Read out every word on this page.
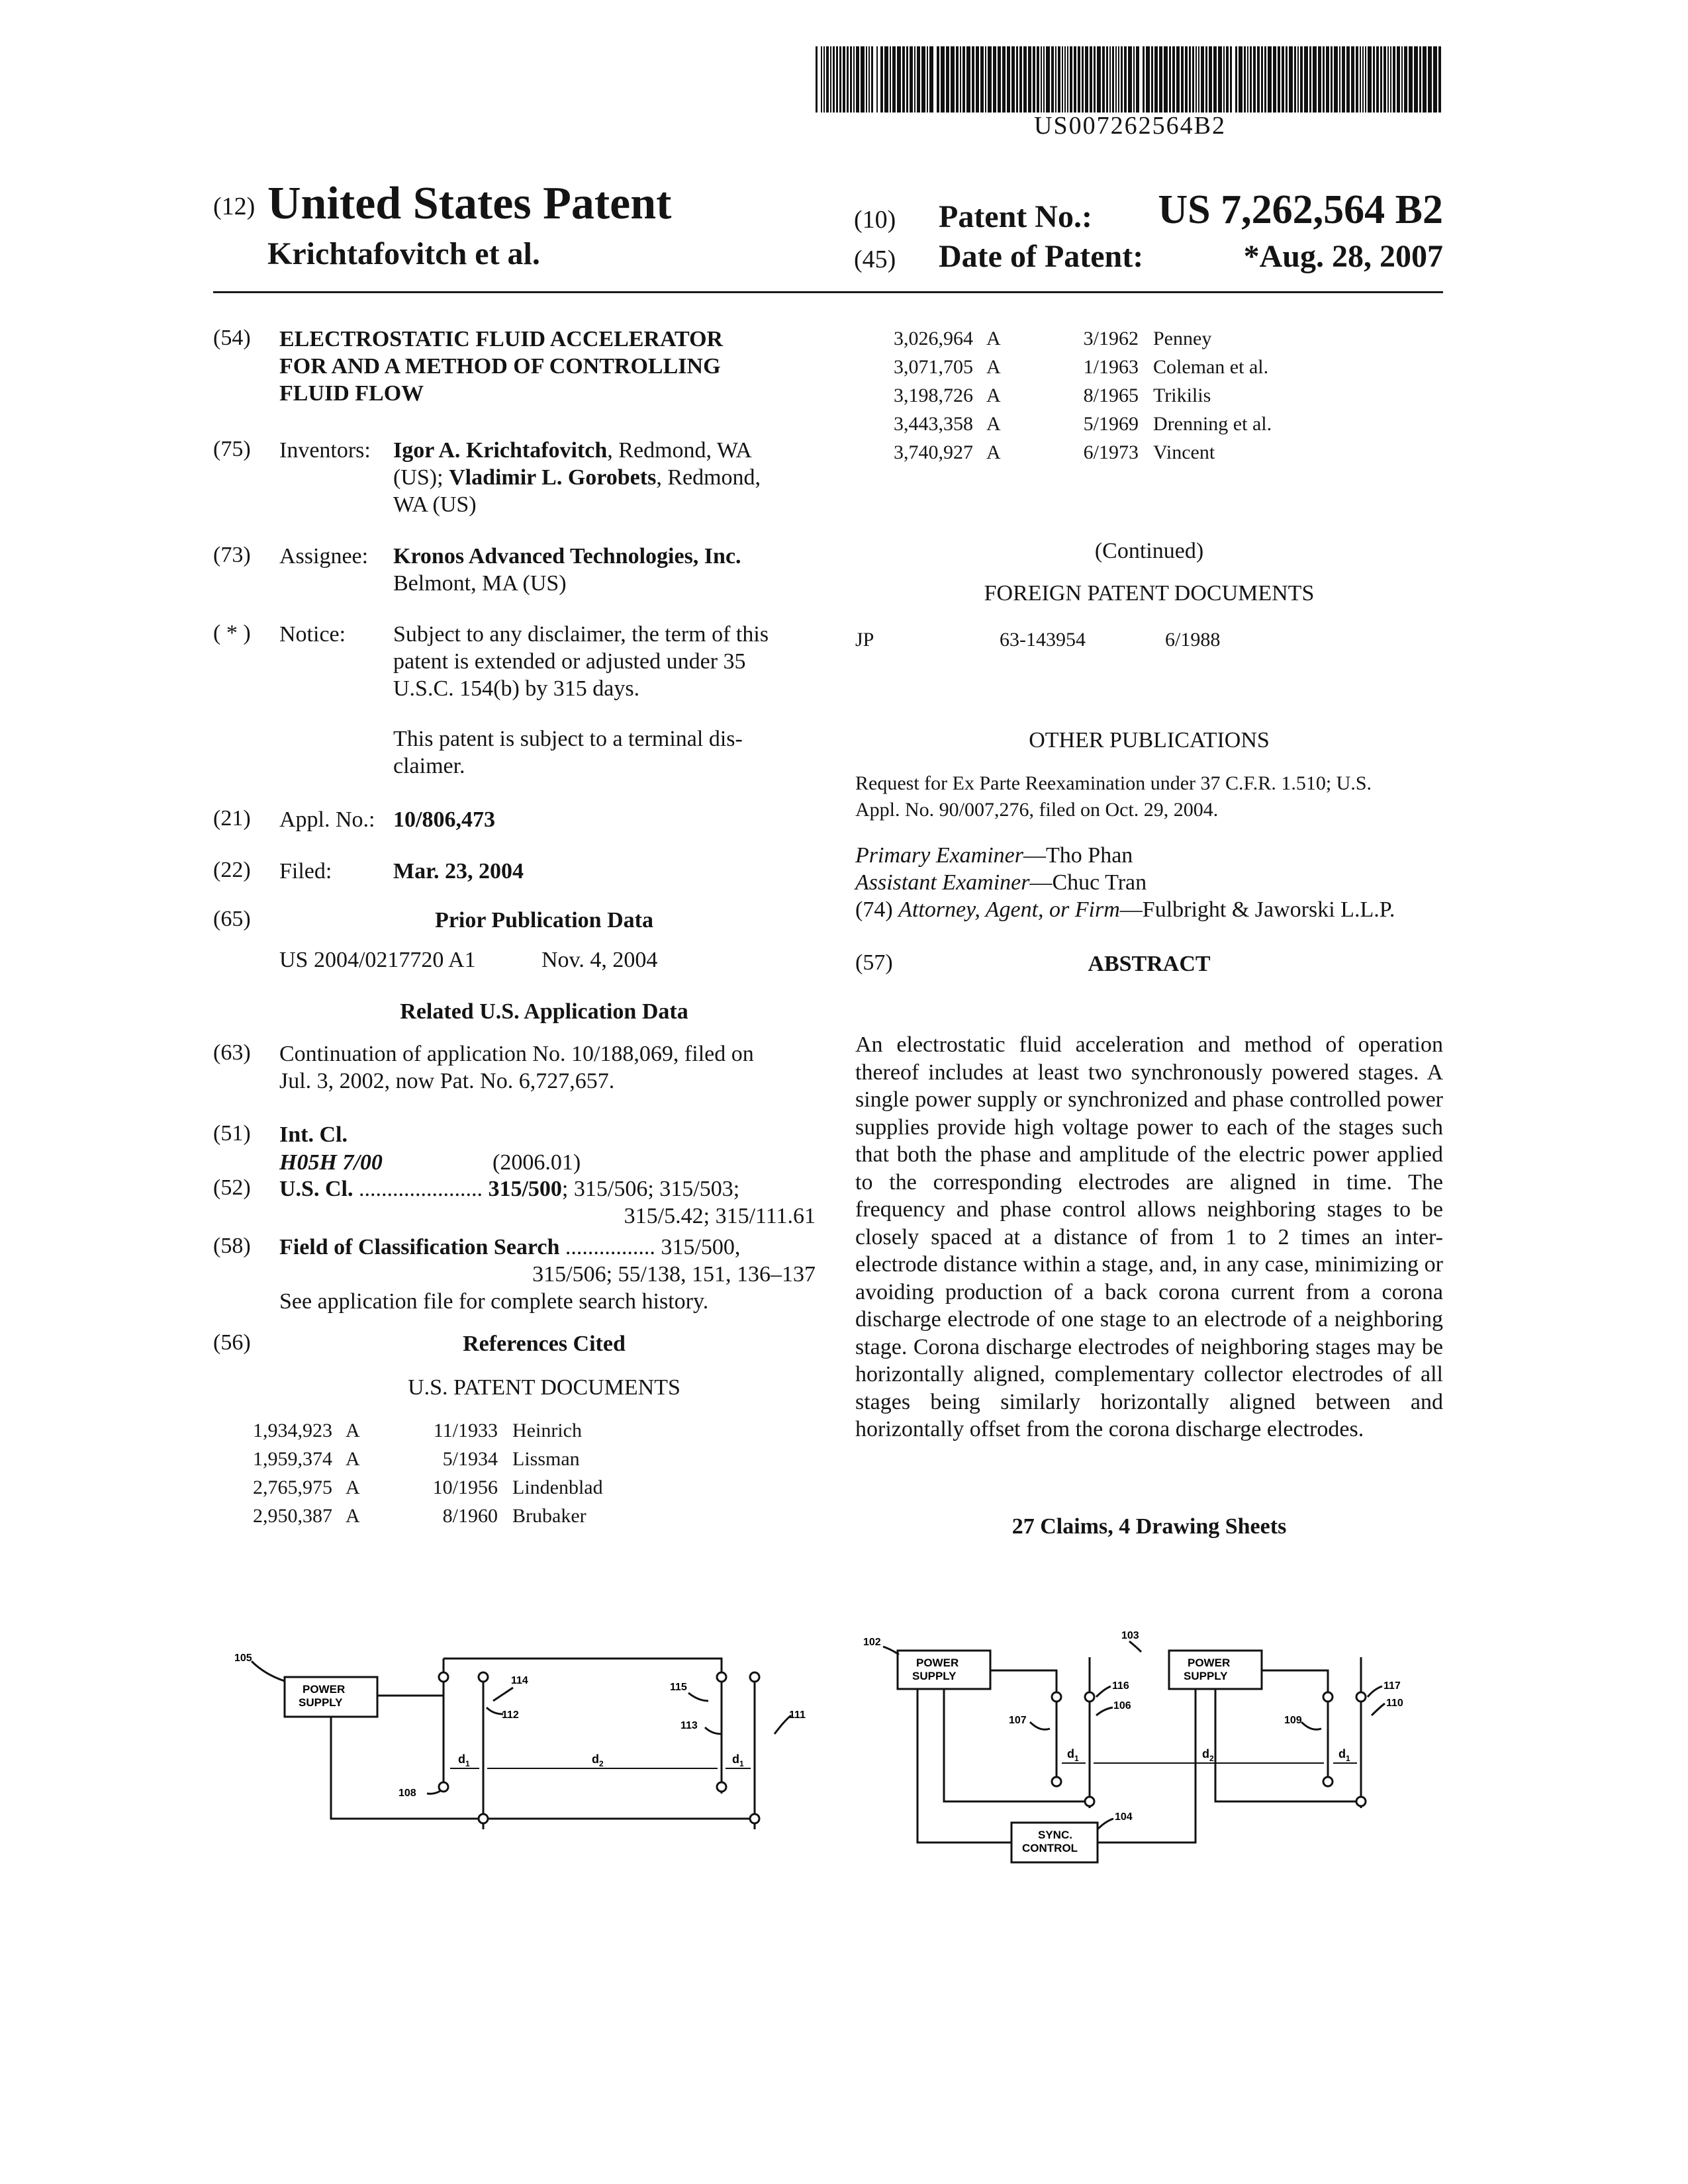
US007262564B2
(12) United States Patent
Krichtafovitch et al.
(10) Patent No.:	US 7,262,564 B2
(45) Date of Patent:	*Aug. 28, 2007
(54) ELECTROSTATIC FLUID ACCELERATOR
FOR AND A METHOD OF CONTROLLING
FLUID FLOW
(75) Inventors: Igor A. Krichtafovitch, Redmond, WA
(US); Vladimir L. Gorobets, Redmond,
WA (US)
(73) Assignee: Kronos Advanced Technologies, Inc.
Belmont, MA (US)
( * ) Notice: Subject to any disclaimer, the term of this
patent is extended or adjusted under 35
U.S.C. 154(b) by 315 days.
This patent is subject to a terminal dis-
claimer.
(21) Appl. No.: 10/806,473
(22) Filed:	Mar. 23, 2004
(65)	Prior Publication Data
US 2004/0217720 A1	Nov. 4, 2004
Related U.S. Application Data
(63) Continuation of application No. 10/188,069, filed on
Jul. 3, 2002, now Pat. No. 6,727,657.
(51) Int. Cl.
H05H 7/00	(2006.01)
(52) U.S. Cl. ...................... 315/500; 315/506; 315/503;
315/5.42; 315/111.61
(58) Field of Classification Search ................ 315/500,
315/506; 55/138, 151, 136–137
See application file for complete search history.
(56)	References Cited
U.S. PATENT DOCUMENTS
1,934,923 A	11/1933 Heinrich
1,959,374 A	5/1934 Lissman
2,765,975 A	10/1956 Lindenblad
2,950,387 A	8/1960 Brubaker
3,026,964 A	3/1962 Penney
3,071,705 A	1/1963 Coleman et al.
3,198,726 A	8/1965 Trikilis
3,443,358 A	5/1969 Drenning et al.
3,740,927 A	6/1973 Vincent
(Continued)
FOREIGN PATENT DOCUMENTS
JP	63-143954	6/1988
OTHER PUBLICATIONS
Request for Ex Parte Reexamination under 37 C.F.R. 1.510; U.S.
Appl. No. 90/007,276, filed on Oct. 29, 2004.
Primary Examiner—Tho Phan
Assistant Examiner—Chuc Tran
(74) Attorney, Agent, or Firm—Fulbright & Jaworski L.L.P.
(57)	ABSTRACT
An electrostatic fluid acceleration and method of operation thereof includes at least two synchronously powered stages. A single power supply or synchronized and phase controlled power supplies provide high voltage power to each of the stages such that both the phase and amplitude of the electric power applied to the corresponding electrodes are aligned in time. The frequency and phase control allows neighboring stages to be closely spaced at a distance of from 1 to 2 times an inter-electrode distance within a stage, and, in any case, minimizing or avoiding production of a back corona current from a corona discharge electrode of one stage to an electrode of a neighboring stage. Corona discharge electrodes of neighboring stages may be horizontally aligned, complementary collector electrodes of all stages being similarly horizontally aligned between and horizontally offset from the corona discharge electrodes.
27 Claims, 4 Drawing Sheets
POWER
SUPPLY
105
108
114
112
115
113
111
$d_1$	$d_2$	$d_1$
POWER
SUPPLY
POWER
SUPPLY
SYNC.
CONTROL
102
103
107
116
106
109
117
110
104
$d_1$	$d_2$	$d_1$
